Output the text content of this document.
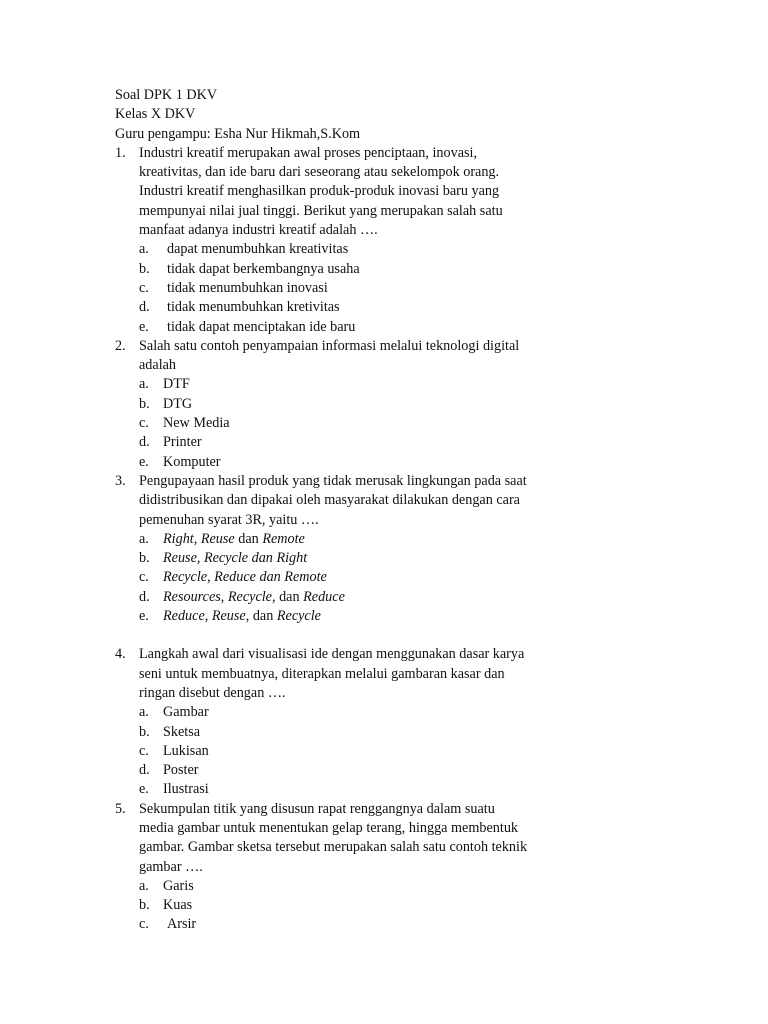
Soal DPK 1 DKV
Kelas X DKV
Guru pengampu: Esha Nur Hikmah,S.Kom
1. Industri kreatif merupakan awal proses penciptaan, inovasi,
kreativitas, dan ide baru dari seseorang atau sekelompok orang.
Industri kreatif menghasilkan produk-produk inovasi baru yang
mempunyai nilai jual tinggi. Berikut yang merupakan salah satu
manfaat adanya industri kreatif adalah ….
a.	dapat menumbuhkan kreativitas
b.	tidak dapat berkembangnya usaha
c.	tidak menumbuhkan inovasi
d.	tidak menumbuhkan kretivitas
e.	tidak dapat menciptakan ide baru
2. Salah satu contoh penyampaian informasi melalui teknologi digital
adalah
a. DTF
b. DTG
c. New Media
d. Printer
e. Komputer
3. Pengupayaan hasil produk yang tidak merusak lingkungan pada saat
didistribusikan dan dipakai oleh masyarakat dilakukan dengan cara
pemenuhan syarat 3R, yaitu ….
a. Right, Reuse dan Remote
b. Reuse, Recycle dan Right
c. Recycle, Reduce dan Remote
d. Resources, Recycle, dan Reduce
e. Reduce, Reuse, dan Recycle
4. Langkah awal dari visualisasi ide dengan menggunakan dasar karya
seni untuk membuatnya, diterapkan melalui gambaran kasar dan
ringan disebut dengan ….
a. Gambar
b. Sketsa
c. Lukisan
d. Poster
e. Ilustrasi
5. Sekumpulan titik yang disusun rapat renggangnya dalam suatu
media gambar untuk menentukan gelap terang, hingga membentuk
gambar. Gambar sketsa tersebut merupakan salah satu contoh teknik
gambar ….
a. Garis
b. Kuas
c.	Arsir
